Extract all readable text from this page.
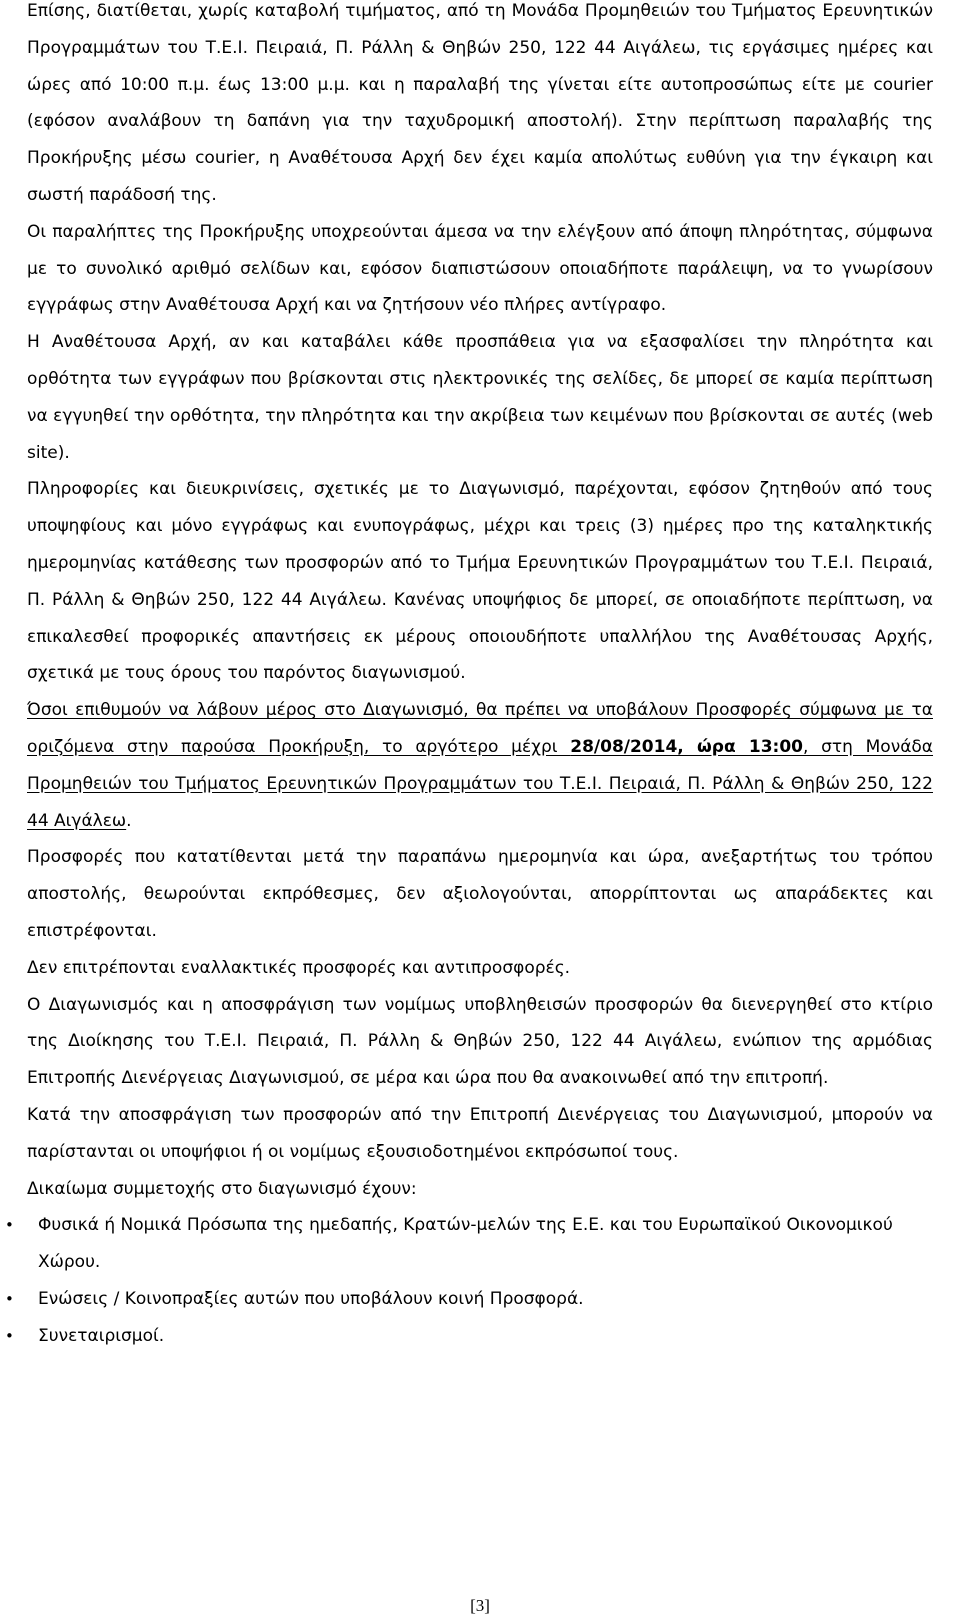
Επίσης, διατίθεται, χωρίς καταβολή τιμήματος, από τη Μονάδα Προμηθειών του Τμήματος Ερευνητικών Προγραμμάτων του Τ.Ε.Ι. Πειραιά, Π. Ράλλη & Θηβών 250, 122 44 Αιγάλεω, τις εργάσιμες ημέρες και ώρες από 10:00 π.μ. έως 13:00 μ.μ. και η παραλαβή της γίνεται είτε αυτοπροσώπως είτε με courier (εφόσον αναλάβουν τη δαπάνη για την ταχυδρομική αποστολή). Στην περίπτωση παραλαβής της Προκήρυξης μέσω courier, η Αναθέτουσα Αρχή δεν έχει καμία απολύτως ευθύνη για την έγκαιρη και σωστή παράδοσή της.

Οι παραλήπτες της Προκήρυξης υποχρεούνται άμεσα να την ελέγξουν από άποψη πληρότητας, σύμφωνα με το συνολικό αριθμό σελίδων και, εφόσον διαπιστώσουν οποιαδήποτε παράλειψη, να το γνωρίσουν εγγράφως στην Αναθέτουσα Αρχή και να ζητήσουν νέο πλήρες αντίγραφο.

Η Αναθέτουσα Αρχή, αν και καταβάλει κάθε προσπάθεια για να εξασφαλίσει την πληρότητα και ορθότητα των εγγράφων που βρίσκονται στις ηλεκτρονικές της σελίδες, δε μπορεί σε καμία περίπτωση να εγγυηθεί την ορθότητα, την πληρότητα και την ακρίβεια των κειμένων που βρίσκονται σε αυτές (web site).

Πληροφορίες και διευκρινίσεις, σχετικές με το Διαγωνισμό, παρέχονται, εφόσον ζητηθούν από τους υποψηφίους και μόνο εγγράφως και ενυπογράφως, μέχρι και τρεις (3) ημέρες προ της καταληκτικής ημερομηνίας κατάθεσης των προσφορών από το Τμήμα Ερευνητικών Προγραμμάτων του Τ.Ε.Ι. Πειραιά, Π. Ράλλη & Θηβών 250, 122 44 Αιγάλεω. Κανένας υποψήφιος δε μπορεί, σε οποιαδήποτε περίπτωση, να επικαλεσθεί προφορικές απαντήσεις εκ μέρους οποιουδήποτε υπαλλήλου της Αναθέτουσας Αρχής, σχετικά με τους όρους του παρόντος διαγωνισμού.

Όσοι επιθυμούν να λάβουν μέρος στο Διαγωνισμό, θα πρέπει να υποβάλουν Προσφορές σύμφωνα με τα οριζόμενα στην παρούσα Προκήρυξη, το αργότερο μέχρι 28/08/2014, ώρα 13:00, στη Μονάδα Προμηθειών του Τμήματος Ερευνητικών Προγραμμάτων του Τ.Ε.Ι. Πειραιά, Π. Ράλλη & Θηβών 250, 122 44 Αιγάλεω.

Προσφορές που κατατίθενται μετά την παραπάνω ημερομηνία και ώρα, ανεξαρτήτως του τρόπου αποστολής, θεωρούνται εκπρόθεσμες, δεν αξιολογούνται, απορρίπτονται ως απαράδεκτες και επιστρέφονται.

Δεν επιτρέπονται εναλλακτικές προσφορές και αντιπροσφορές.

Ο Διαγωνισμός και η αποσφράγιση των νομίμως υποβληθεισών προσφορών θα διενεργηθεί στο κτίριο της Διοίκησης του Τ.Ε.Ι. Πειραιά, Π. Ράλλη & Θηβών 250, 122 44 Αιγάλεω, ενώπιον της αρμόδιας Επιτροπής Διενέργειας Διαγωνισμού, σε μέρα και ώρα που θα ανακοινωθεί από την επιτροπή.

Κατά την αποσφράγιση των προσφορών από την Επιτροπή Διενέργειας του Διαγωνισμού, μπορούν να παρίστανται οι υποψήφιοι ή οι νομίμως εξουσιοδοτημένοι εκπρόσωποί τους.

Δικαίωμα συμμετοχής στο διαγωνισμό έχουν:

• Φυσικά ή Νομικά Πρόσωπα της ημεδαπής, Κρατών-μελών της Ε.Ε. και του Ευρωπαϊκού Οικονομικού Χώρου.
• Ενώσεις / Κοινοπραξίες αυτών που υποβάλουν κοινή Προσφορά.
• Συνεταιρισμοί.
[3]
